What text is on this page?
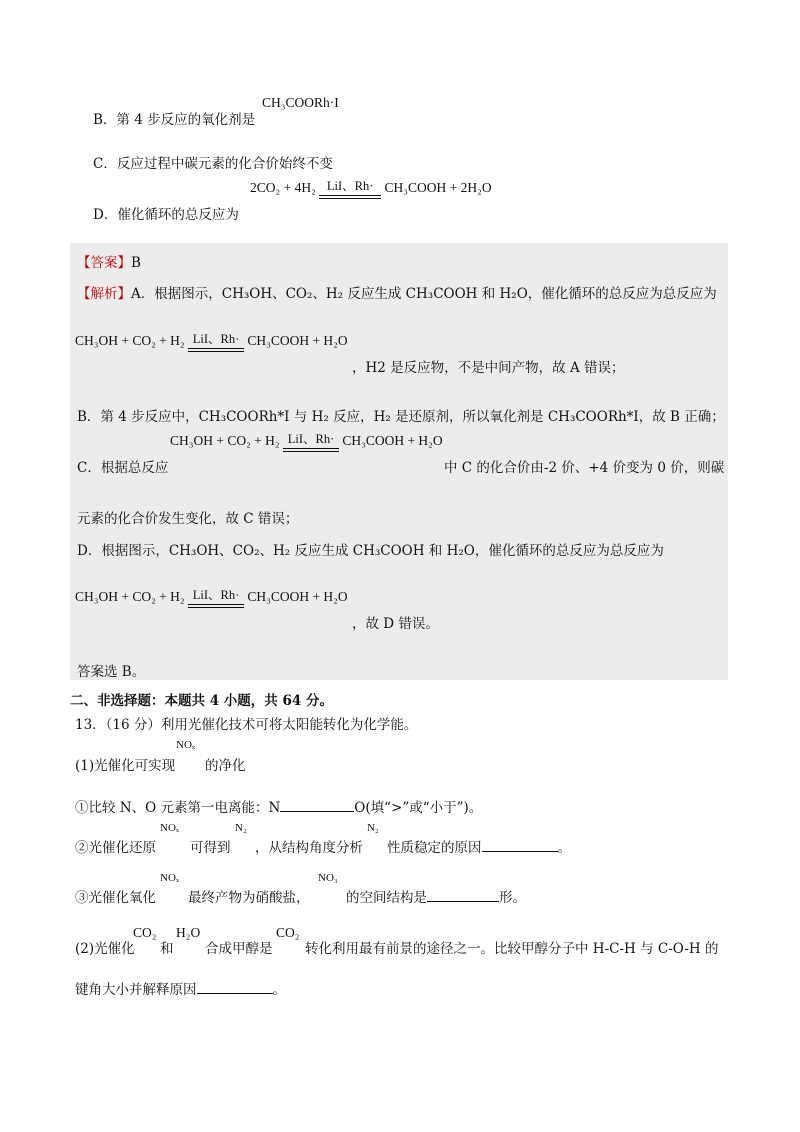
B．第 4 步反应的氧化剂是
CH₃COORh·I
C．反应过程中碳元素的化合价始终不变
D．催化循环的总反应为
2CO₂ + 4H₂ LiI、Rh· CH₃COOH + 2H₂O
【答案】B
【解析】A．根据图示，CH₃OH、CO₂、H₂ 反应生成 CH₃COOH 和 H₂O，催化循环的总反应为总反应为
CH₃OH + CO₂ + H₂ LiI、Rh· CH₃COOH + H₂O
，H2 是反应物，不是中间产物，故 A 错误；
B．第 4 步反应中，CH₃COORh*I 与 H₂ 反应，H₂ 是还原剂，所以氧化剂是 CH₃COORh*I，故 B 正确；
C．根据总反应
CH₃OH + CO₂ + H₂ LiI、Rh· CH₃COOH + H₂O
中 C 的化合价由-2 价、+4 价变为 0 价，则碳
元素的化合价发生变化，故 C 错误；
D．根据图示，CH₃OH、CO₂、H₂ 反应生成 CH₃COOH 和 H₂O，催化循环的总反应为总反应为
CH₃OH + CO₂ + H₂ LiI、Rh· CH₃COOH + H₂O
，故 D 错误。
答案选 B。
二、非选择题：本题共 4 小题，共 64 分。
13．（16 分）利用光催化技术可将太阳能转化为化学能。
(1)光催化可实现
NOₓ
的净化
①比较 N、O 元素第一电离能：N	O(填“>”或“小于”)。
②光催化还原
NOₓ
可得到
N₂
，从结构角度分析
N₂
性质稳定的原因	。
③光催化氧化
NOₓ
最终产物为硝酸盐，
NO₃
的空间结构是	形。
(2)光催化
CO₂
和
H₂O
合成甲醇是
CO₂
转化利用最有前景的途径之一。比较甲醇分子中 H-C-H 与 C-O-H 的
键角大小并解释原因	。
